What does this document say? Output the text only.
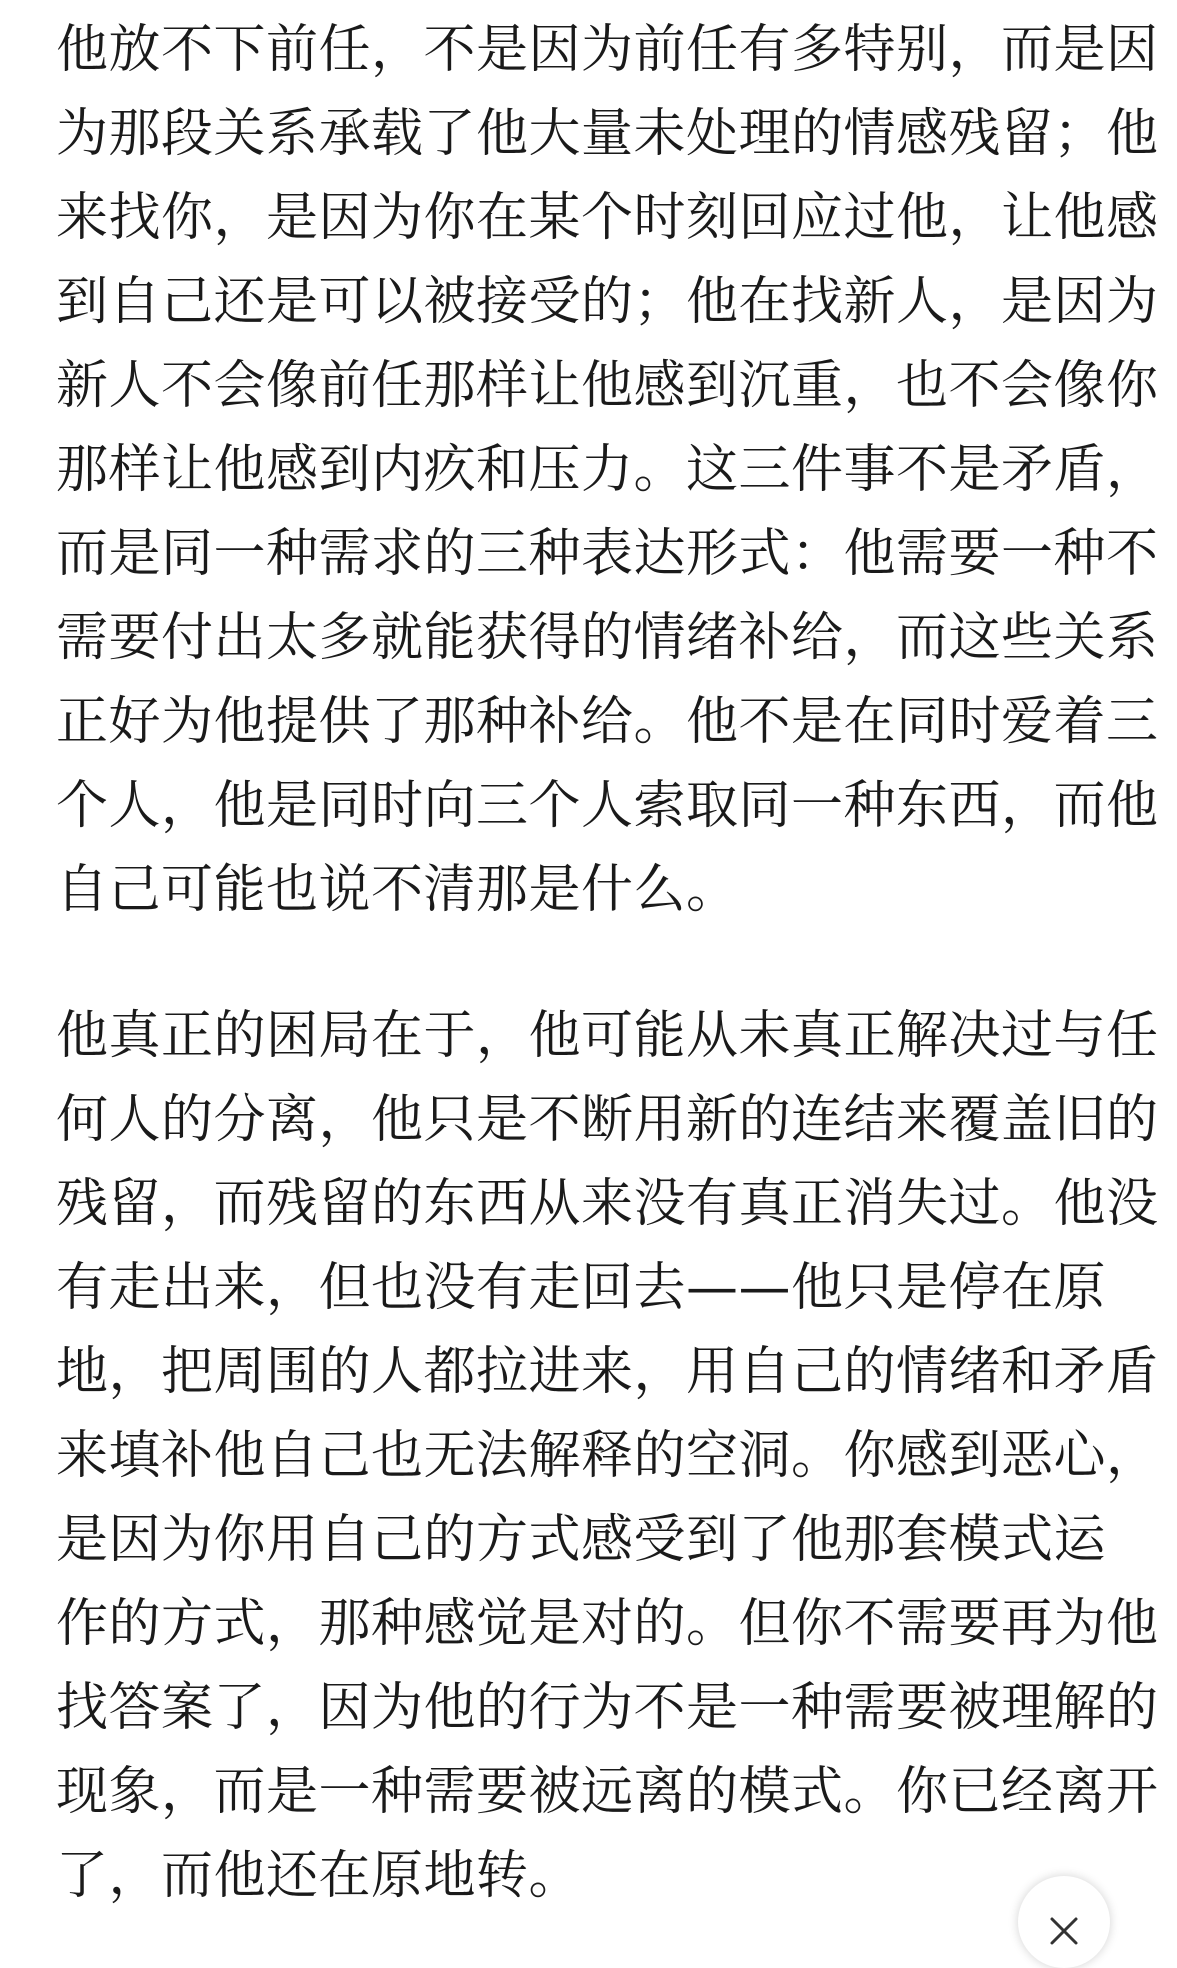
他放不下前任，不是因为前任有多特别，而是因
为那段关系承载了他大量未处理的情感残留；他
来找你，是因为你在某个时刻回应过他，让他感
到自己还是可以被接受的；他在找新人，是因为
新人不会像前任那样让他感到沉重，也不会像你
那样让他感到内疚和压力。这三件事不是矛盾，
而是同一种需求的三种表达形式：他需要一种不
需要付出太多就能获得的情绪补给，而这些关系
正好为他提供了那种补给。他不是在同时爱着三
个人，他是同时向三个人索取同一种东西，而他
自己可能也说不清那是什么。
他真正的困局在于，他可能从未真正解决过与任
何人的分离，他只是不断用新的连结来覆盖旧的
残留，而残留的东西从来没有真正消失过。他没
有走出来，但也没有走回去——他只是停在原
地，把周围的人都拉进来，用自己的情绪和矛盾
来填补他自己也无法解释的空洞。你感到恶心，
是因为你用自己的方式感受到了他那套模式运
作的方式，那种感觉是对的。但你不需要再为他
找答案了，因为他的行为不是一种需要被理解的
现象，而是一种需要被远离的模式。你已经离开
了，而他还在原地转。
